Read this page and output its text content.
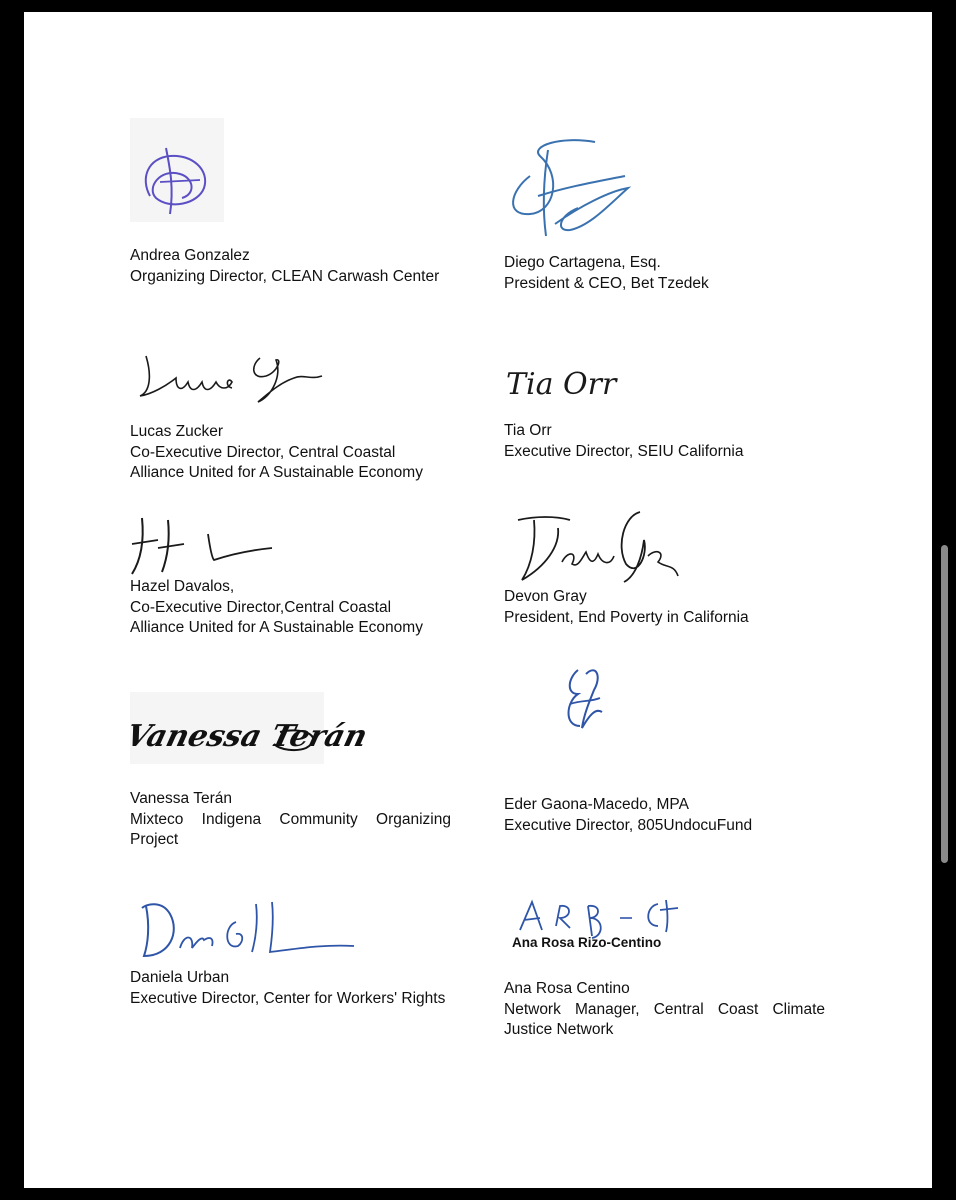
Andrea Gonzalez
Organizing Director, CLEAN Carwash Center
Diego Cartagena, Esq.
President & CEO, Bet Tzedek
Lucas Zucker
Co-Executive Director, Central Coastal
Alliance United for A Sustainable Economy
Tia Orr
Tia Orr
Executive Director, SEIU California
Hazel Davalos,
Co-Executive Director,Central Coastal
Alliance United for A Sustainable Economy
Devon Gray
President, End Poverty in California
Vanessa Terán
Vanessa Terán
Mixteco Indigena Community Organizing Project
Eder Gaona-Macedo, MPA
Executive Director, 805UndocuFund
Daniela Urban
Executive Director, Center for Workers' Rights
Ana Rosa Rizo-Centino
Ana Rosa Centino
Network Manager, Central Coast Climate Justice Network
